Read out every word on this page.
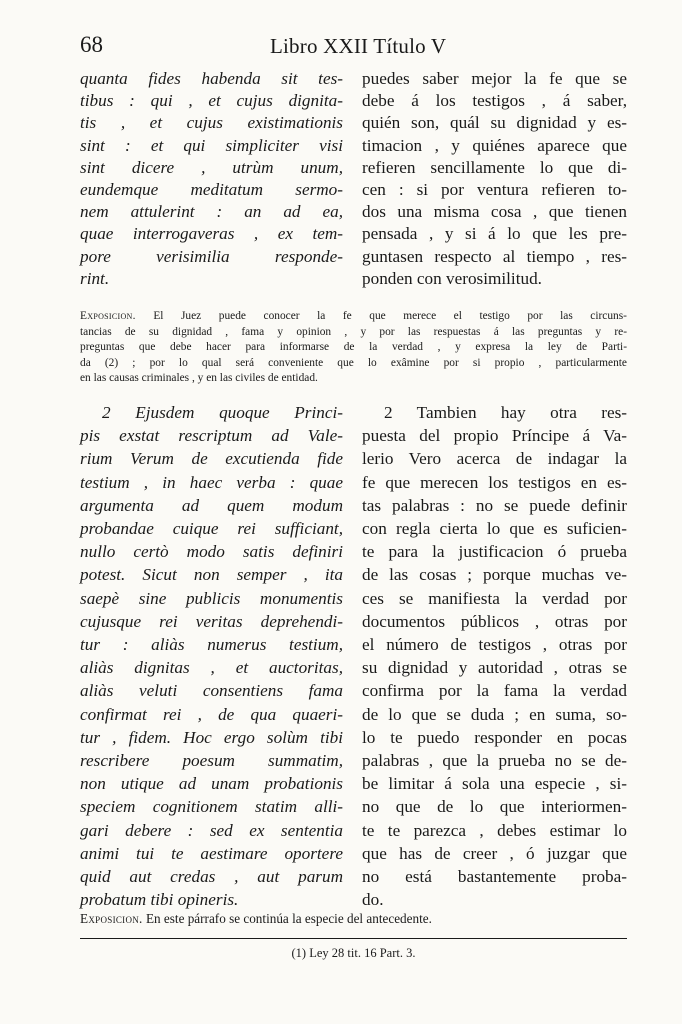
68	Libro XXII Título V
quanta fides habenda sit tes-
tibus : qui , et cujus dignita-
tis , et cujus existimationis
sint : et qui simpliciter visi
sint dicere , utrùm unum,
eundemque meditatum sermo-
nem attulerint : an ad ea,
quae interrogaveras , ex tem-
pore verisimilia responde-
rint.
puedes saber mejor la fe que se
debe á los testigos , á saber,
quién son, quál su dignidad y es-
timacion , y quiénes aparece que
refieren sencillamente lo que di-
cen : si por ventura refieren to-
dos una misma cosa , que tienen
pensada , y si á lo que les pre-
guntasen respecto al tiempo , res-
ponden con verosimilitud.
Exposicion. El Juez puede conocer la fe que merece el testigo por las circuns-
tancias de su dignidad , fama y opinion , y por las respuestas á las preguntas y re-
preguntas que debe hacer para informarse de la verdad , y expresa la ley de Parti-
da (2) ; por lo qual será conveniente que lo exâmine por si propio , particularmente
en las causas criminales , y en las civiles de entidad.
2 Ejusdem quoque Princi-
pis exstat rescriptum ad Vale-
rium Verum de excutienda fide
testium , in haec verba : quae
argumenta ad quem modum
probandae cuique rei sufficiant,
nullo certò modo satis definiri
potest. Sicut non semper , ita
saepè sine publicis monumentis
cujusque rei veritas deprehendi-
tur : aliàs numerus testium,
aliàs dignitas , et auctoritas,
aliàs veluti consentiens fama
confirmat rei , de qua quaeri-
tur , fidem. Hoc ergo solùm tibi
rescribere poesum summatim,
non utique ad unam probationis
speciem cognitionem statim alli-
gari debere : sed ex sententia
animi tui te aestimare oportere
quid aut credas , aut parum
probatum tibi opineris.
2 Tambien hay otra res-
puesta del propio Príncipe á Va-
lerio Vero acerca de indagar la
fe que merecen los testigos en es-
tas palabras : no se puede definir
con regla cierta lo que es suficien-
te para la justificacion ó prueba
de las cosas ; porque muchas ve-
ces se manifiesta la verdad por
documentos públicos , otras por
el número de testigos , otras por
su dignidad y autoridad , otras se
confirma por la fama la verdad
de lo que se duda ; en suma, so-
lo te puedo responder en pocas
palabras , que la prueba no se de-
be limitar á sola una especie , si-
no que de lo que interiormen-
te te parezca , debes estimar lo
que has de creer , ó juzgar que
no está bastantemente proba-
do.
Exposicion. En este párrafo se continúa la especie del antecedente.
(1) Ley 28 tit. 16 Part. 3.
